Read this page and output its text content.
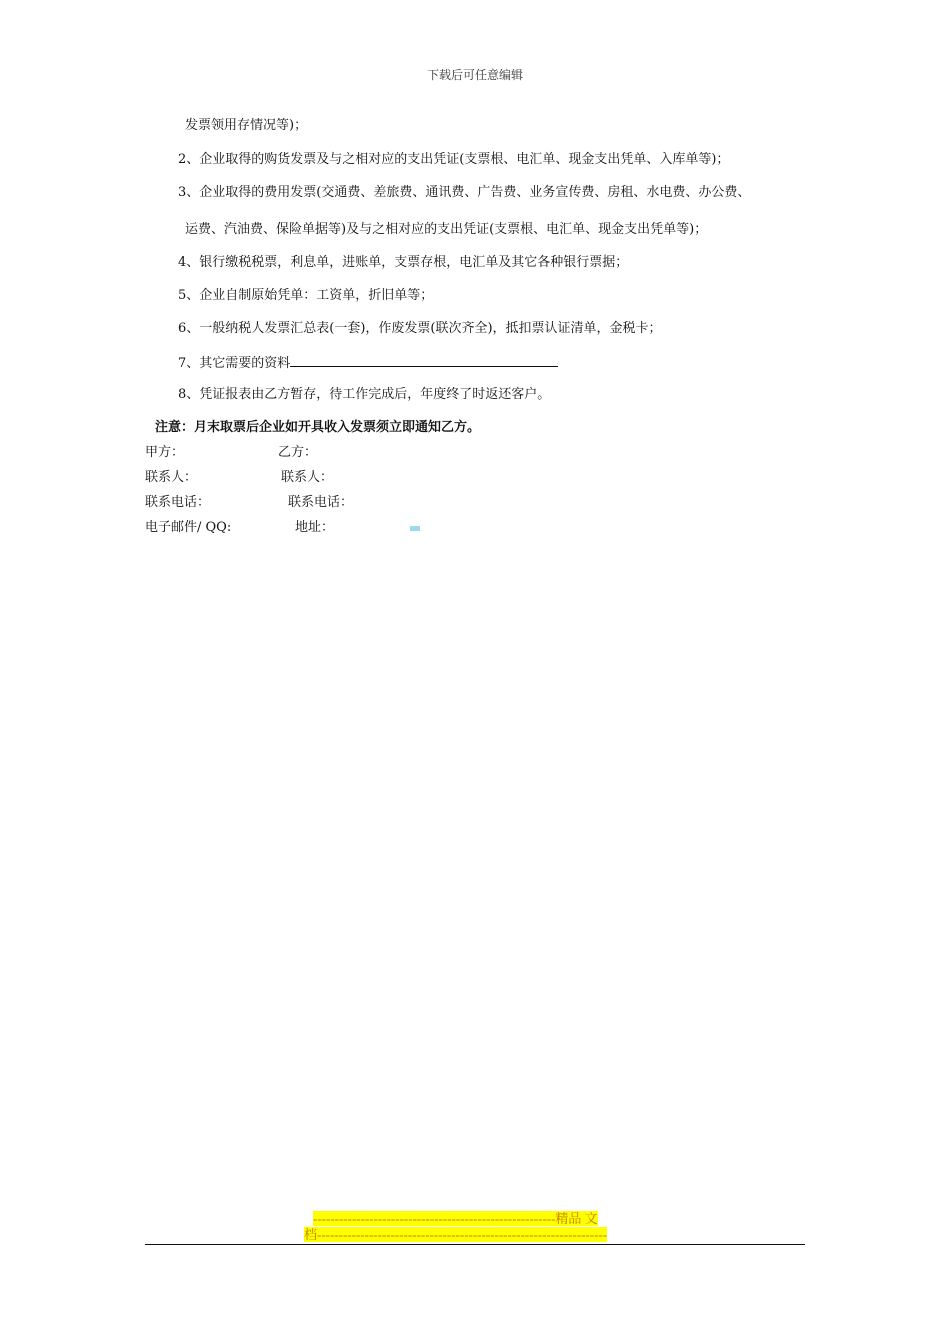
下载后可任意编辑
发票领用存情况等)；
2、企业取得的购货发票及与之相对应的支出凭证(支票根、电汇单、现金支出凭单、入库单等)；
3、企业取得的费用发票(交通费、差旅费、通讯费、广告费、业务宣传费、房租、水电费、办公费、
运费、汽油费、保险单据等)及与之相对应的支出凭证(支票根、电汇单、现金支出凭单等)；
4、银行缴税税票，利息单，进账单，支票存根，电汇单及其它各种银行票据；
5、企业自制原始凭单：工资单，折旧单等；
6、一般纳税人发票汇总表(一套)，作废发票(联次齐全)，抵扣票认证清单，金税卡；
7、其它需要的资料
8、凭证报表由乙方暂存，待工作完成后，年度终了时返还客户。
注意：月末取票后企业如开具收入发票须立即通知乙方。
甲方：	乙方：
联系人：	联系人：
联系电话：	联系电话：
电子邮件/ QQ:	地址：
--------------------------------------------------------精品 文
档-------------------------------------------------------------------
